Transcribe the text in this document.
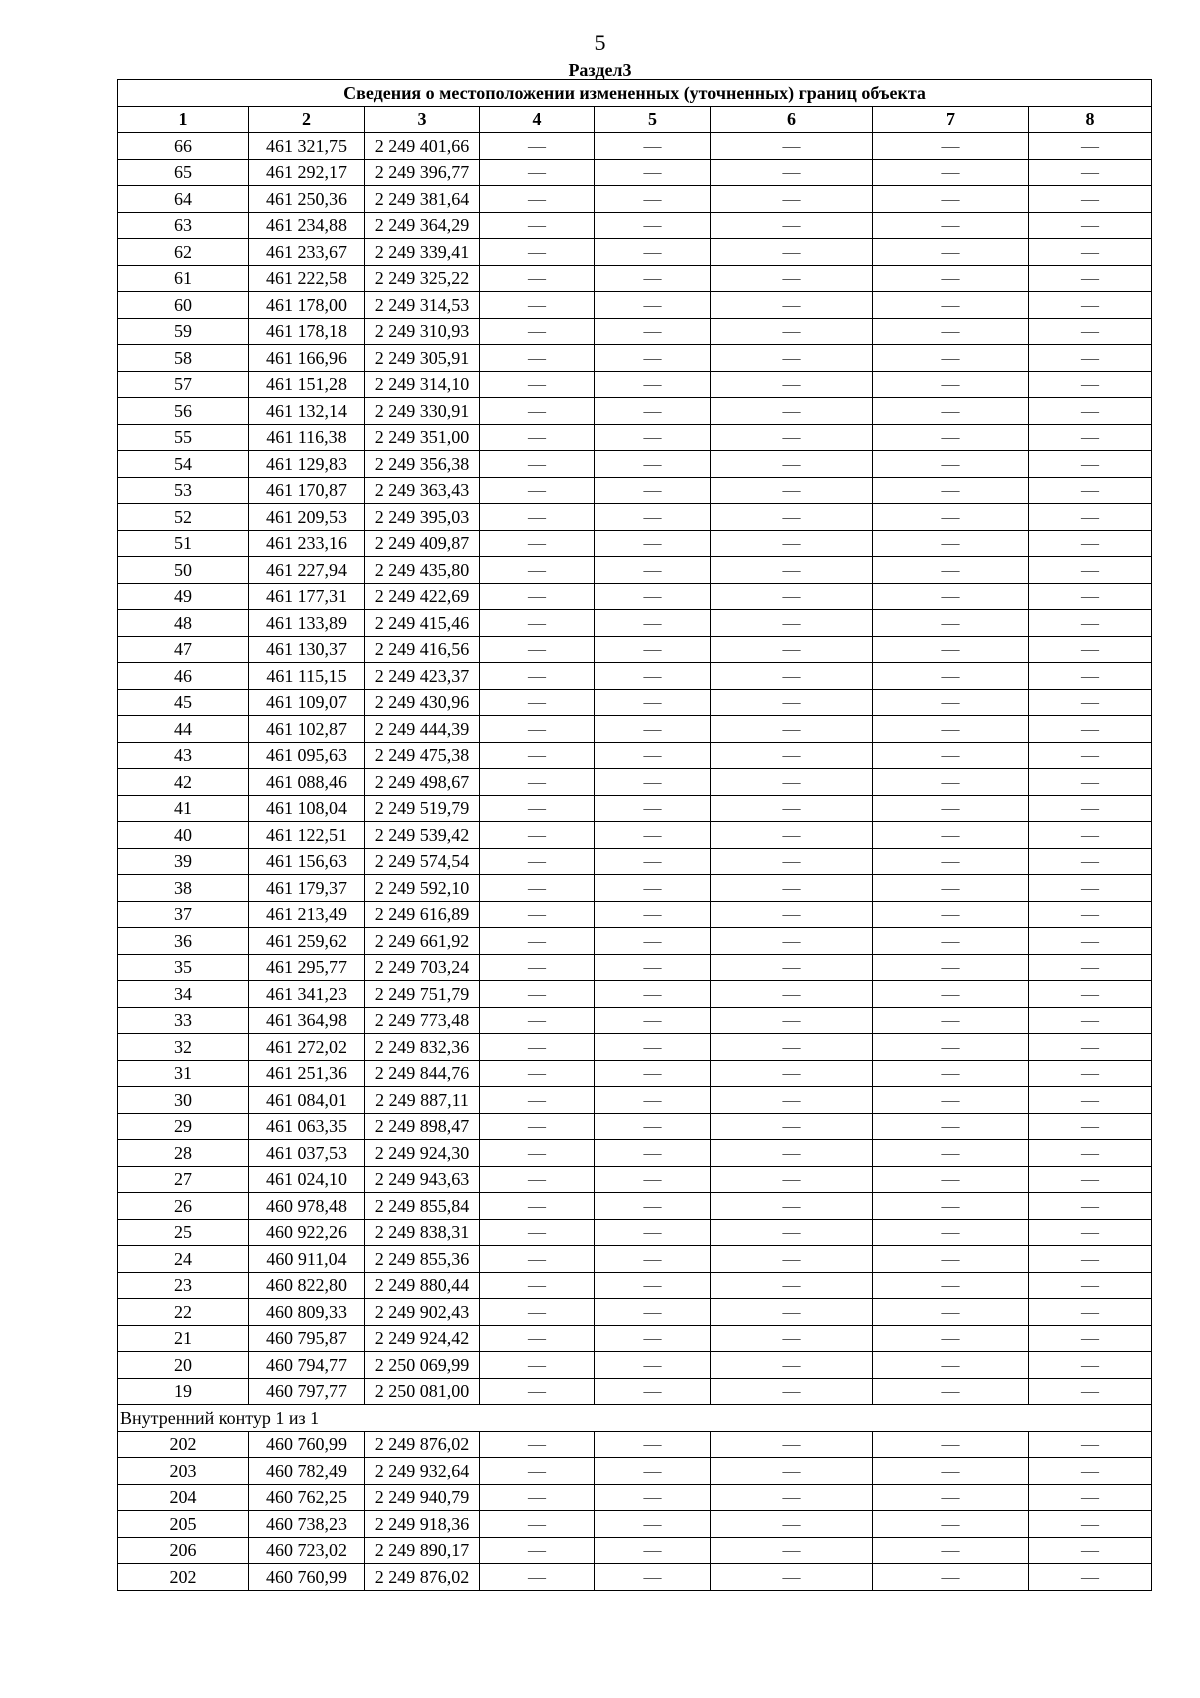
5
Раздел3
Сведения о местоположении измененных (уточненных) границ объекта							
1	2	3	4	5	6	7	8
66	461 321,75	2 249 401,66	—	—	—	—	—
65	461 292,17	2 249 396,77	—	—	—	—	—
64	461 250,36	2 249 381,64	—	—	—	—	—
63	461 234,88	2 249 364,29	—	—	—	—	—
62	461 233,67	2 249 339,41	—	—	—	—	—
61	461 222,58	2 249 325,22	—	—	—	—	—
60	461 178,00	2 249 314,53	—	—	—	—	—
59	461 178,18	2 249 310,93	—	—	—	—	—
58	461 166,96	2 249 305,91	—	—	—	—	—
57	461 151,28	2 249 314,10	—	—	—	—	—
56	461 132,14	2 249 330,91	—	—	—	—	—
55	461 116,38	2 249 351,00	—	—	—	—	—
54	461 129,83	2 249 356,38	—	—	—	—	—
53	461 170,87	2 249 363,43	—	—	—	—	—
52	461 209,53	2 249 395,03	—	—	—	—	—
51	461 233,16	2 249 409,87	—	—	—	—	—
50	461 227,94	2 249 435,80	—	—	—	—	—
49	461 177,31	2 249 422,69	—	—	—	—	—
48	461 133,89	2 249 415,46	—	—	—	—	—
47	461 130,37	2 249 416,56	—	—	—	—	—
46	461 115,15	2 249 423,37	—	—	—	—	—
45	461 109,07	2 249 430,96	—	—	—	—	—
44	461 102,87	2 249 444,39	—	—	—	—	—
43	461 095,63	2 249 475,38	—	—	—	—	—
42	461 088,46	2 249 498,67	—	—	—	—	—
41	461 108,04	2 249 519,79	—	—	—	—	—
40	461 122,51	2 249 539,42	—	—	—	—	—
39	461 156,63	2 249 574,54	—	—	—	—	—
38	461 179,37	2 249 592,10	—	—	—	—	—
37	461 213,49	2 249 616,89	—	—	—	—	—
36	461 259,62	2 249 661,92	—	—	—	—	—
35	461 295,77	2 249 703,24	—	—	—	—	—
34	461 341,23	2 249 751,79	—	—	—	—	—
33	461 364,98	2 249 773,48	—	—	—	—	—
32	461 272,02	2 249 832,36	—	—	—	—	—
31	461 251,36	2 249 844,76	—	—	—	—	—
30	461 084,01	2 249 887,11	—	—	—	—	—
29	461 063,35	2 249 898,47	—	—	—	—	—
28	461 037,53	2 249 924,30	—	—	—	—	—
27	461 024,10	2 249 943,63	—	—	—	—	—
26	460 978,48	2 249 855,84	—	—	—	—	—
25	460 922,26	2 249 838,31	—	—	—	—	—
24	460 911,04	2 249 855,36	—	—	—	—	—
23	460 822,80	2 249 880,44	—	—	—	—	—
22	460 809,33	2 249 902,43	—	—	—	—	—
21	460 795,87	2 249 924,42	—	—	—	—	—
20	460 794,77	2 250 069,99	—	—	—	—	—
19	460 797,77	2 250 081,00	—	—	—	—	—
Внутренний контур 1 из 1							
202	460 760,99	2 249 876,02	—	—	—	—	—
203	460 782,49	2 249 932,64	—	—	—	—	—
204	460 762,25	2 249 940,79	—	—	—	—	—
205	460 738,23	2 249 918,36	—	—	—	—	—
206	460 723,02	2 249 890,17	—	—	—	—	—
202	460 760,99	2 249 876,02	—	—	—	—	—
